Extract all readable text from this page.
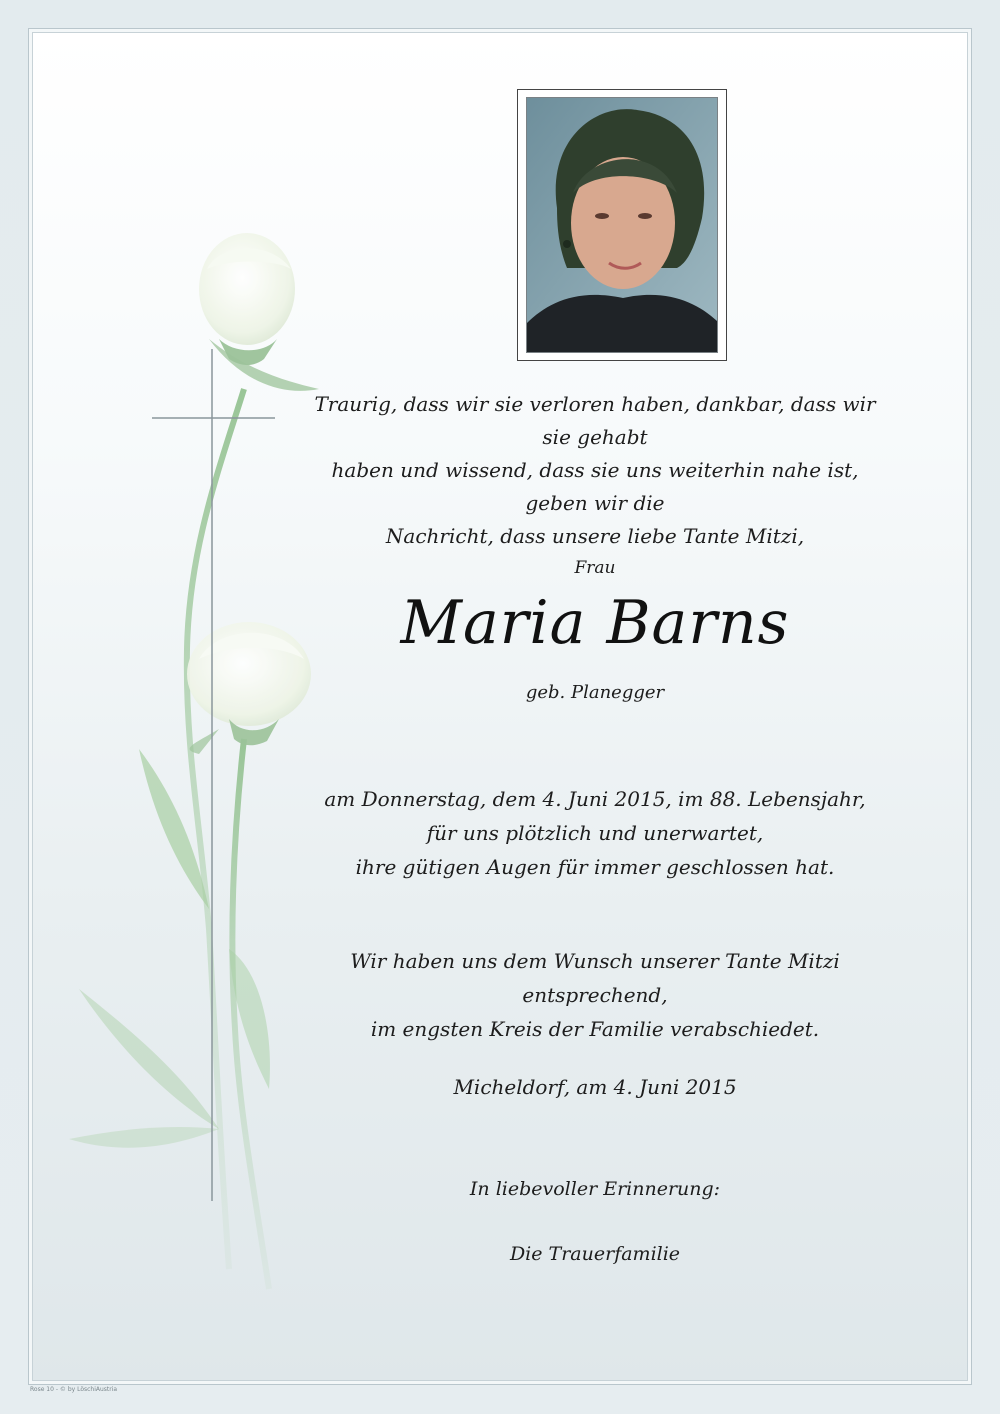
Traurig, dass wir sie verloren haben, dankbar, dass wir sie gehabt
haben und wissend, dass sie uns weiterhin nahe ist, geben wir die
Nachricht, dass unsere liebe Tante Mitzi,
Frau
Maria Barns
geb. Planegger
am Donnerstag, dem 4. Juni 2015, im 88. Lebensjahr,
für uns plötzlich und unerwartet,
ihre gütigen Augen für immer geschlossen hat.
Wir haben uns dem Wunsch unserer Tante Mitzi entsprechend,
im engsten Kreis der Familie verabschiedet.
Micheldorf, am 4. Juni 2015
In liebevoller Erinnerung:
Die Trauerfamilie
Rose 10 - © by LöschiAustria
